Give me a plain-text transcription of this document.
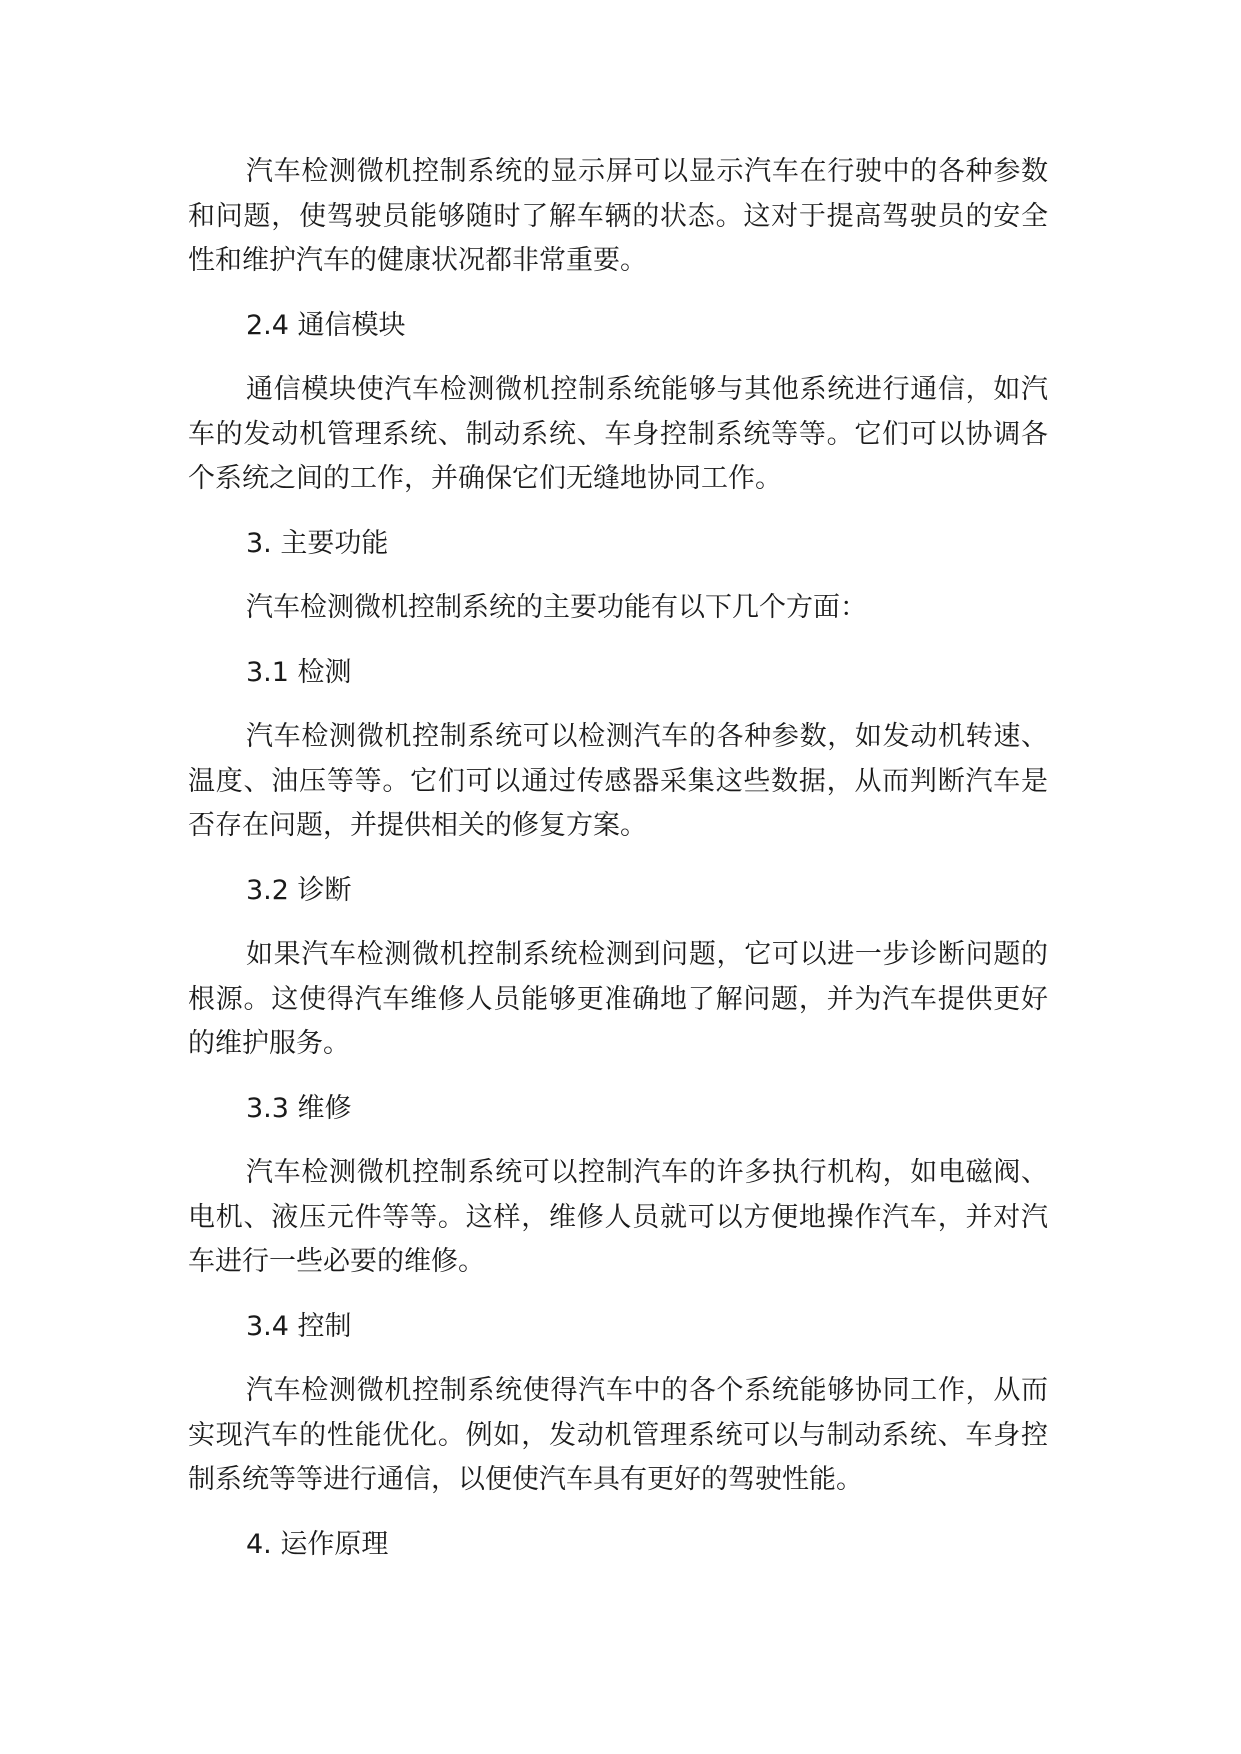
汽车检测微机控制系统的显示屏可以显示汽车在行驶中的各种参数和问题，使驾驶员能够随时了解车辆的状态。这对于提高驾驶员的安全性和维护汽车的健康状况都非常重要。

2.4 通信模块

通信模块使汽车检测微机控制系统能够与其他系统进行通信，如汽车的发动机管理系统、制动系统、车身控制系统等等。它们可以协调各个系统之间的工作，并确保它们无缝地协同工作。

3. 主要功能

汽车检测微机控制系统的主要功能有以下几个方面：

3.1 检测

汽车检测微机控制系统可以检测汽车的各种参数，如发动机转速、温度、油压等等。它们可以通过传感器采集这些数据，从而判断汽车是否存在问题，并提供相关的修复方案。

3.2 诊断

如果汽车检测微机控制系统检测到问题，它可以进一步诊断问题的根源。这使得汽车维修人员能够更准确地了解问题，并为汽车提供更好的维护服务。

3.3 维修

汽车检测微机控制系统可以控制汽车的许多执行机构，如电磁阀、电机、液压元件等等。这样，维修人员就可以方便地操作汽车，并对汽车进行一些必要的维修。

3.4 控制

汽车检测微机控制系统使得汽车中的各个系统能够协同工作，从而实现汽车的性能优化。例如，发动机管理系统可以与制动系统、车身控制系统等等进行通信，以便使汽车具有更好的驾驶性能。

4. 运作原理
